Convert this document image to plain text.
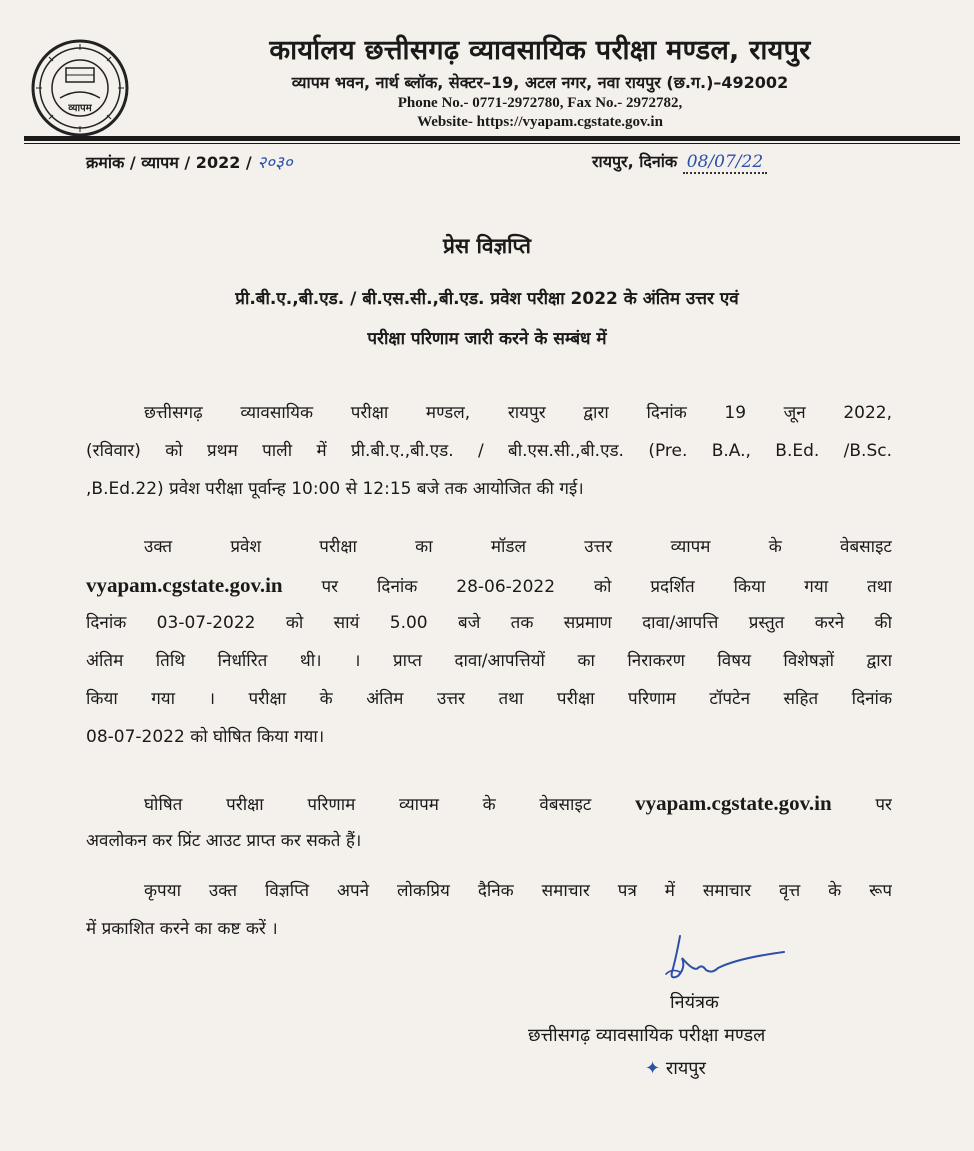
व्यापम
कार्यालय छत्तीसगढ़ व्यावसायिक परीक्षा मण्डल, रायपुर
व्यापम भवन, नार्थ ब्लॉक, सेक्टर–19, अटल नगर, नवा रायपुर (छ.ग.)–492002
Phone No.- 0771-2972780, Fax No.- 2972782,
Website- https://vyapam.cgstate.gov.in
क्रमांक / व्यापम / 2022 / २०३०	रायपुर, दिनांक 08/07/22
प्रेस विज्ञप्ति
प्री.बी.ए.,बी.एड. / बी.एस.सी.,बी.एड. प्रवेश परीक्षा 2022 के अंतिम उत्तर एवं
परीक्षा परिणाम जारी करने के सम्बंध में
छत्तीसगढ़ व्यावसायिक परीक्षा मण्डल, रायपुर द्वारा दिनांक 19 जून 2022,
(रविवार) को प्रथम पाली में प्री.बी.ए.,बी.एड. / बी.एस.सी.,बी.एड. (Pre. B.A., B.Ed. /B.Sc.
,B.Ed.22) प्रवेश परीक्षा पूर्वान्ह 10:00 से 12:15 बजे तक आयोजित की गई।
उक्त प्रवेश परीक्षा का मॉडल उत्तर व्यापम के वेबसाइट
vyapam.cgstate.gov.in पर दिनांक 28-06-2022 को प्रदर्शित किया गया तथा
दिनांक 03-07-2022 को सायं 5.00 बजे तक सप्रमाण दावा/आपत्ति प्रस्तुत करने की
अंतिम तिथि निर्धारित थी। । प्राप्त दावा/आपत्तियों का निराकरण विषय विशेषज्ञों द्वारा
किया गया । परीक्षा के अंतिम उत्तर तथा परीक्षा परिणाम टॉपटेन सहित दिनांक
08-07-2022 को घोषित किया गया।
घोषित परीक्षा परिणाम व्यापम के वेबसाइट vyapam.cgstate.gov.in	पर
अवलोकन कर प्रिंट आउट प्राप्त कर सकते हैं।
कृपया उक्त विज्ञप्ति अपने लोकप्रिय दैनिक समाचार पत्र में समाचार वृत्त के रूप
में प्रकाशित करने का कष्ट करें ।
नियंत्रक
छत्तीसगढ़ व्यावसायिक परीक्षा मण्डल
✦ रायपुर
